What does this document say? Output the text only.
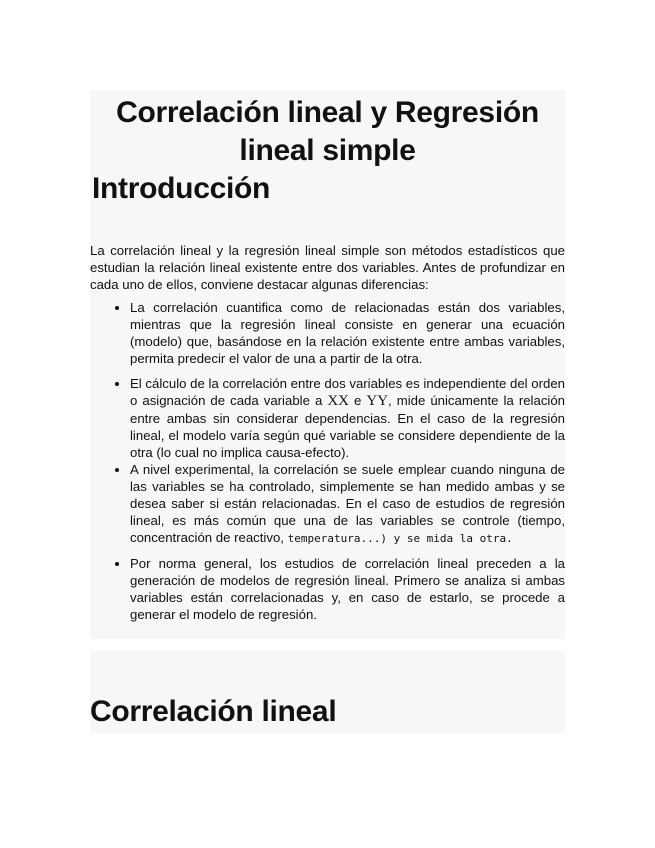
Correlación lineal y Regresión lineal simple
Introducción

La correlación lineal y la regresión lineal simple son métodos estadísticos que estudian la relación lineal existente entre dos variables. Antes de profundizar en cada uno de ellos, conviene destacar algunas diferencias:

• La correlación cuantifica como de relacionadas están dos variables, mientras que la regresión lineal consiste en generar una ecuación (modelo) que, basándose en la relación existente entre ambas variables, permita predecir el valor de una a partir de la otra.
• El cálculo de la correlación entre dos variables es independiente del orden o asignación de cada variable a XX e YY, mide únicamente la relación entre ambas sin considerar dependencias. En el caso de la regresión lineal, el modelo varía según qué variable se considere dependiente de la otra (lo cual no implica causa-efecto).
• A nivel experimental, la correlación se suele emplear cuando ninguna de las variables se ha controlado, simplemente se han medido ambas y se desea saber si están relacionadas. En el caso de estudios de regresión lineal, es más común que una de las variables se controle (tiempo, concentración de reactivo, temperatura...) y se mida la otra.
• Por norma general, los estudios de correlación lineal preceden a la generación de modelos de regresión lineal. Primero se analiza si ambas variables están correlacionadas y, en caso de estarlo, se procede a generar el modelo de regresión.
Correlación lineal
